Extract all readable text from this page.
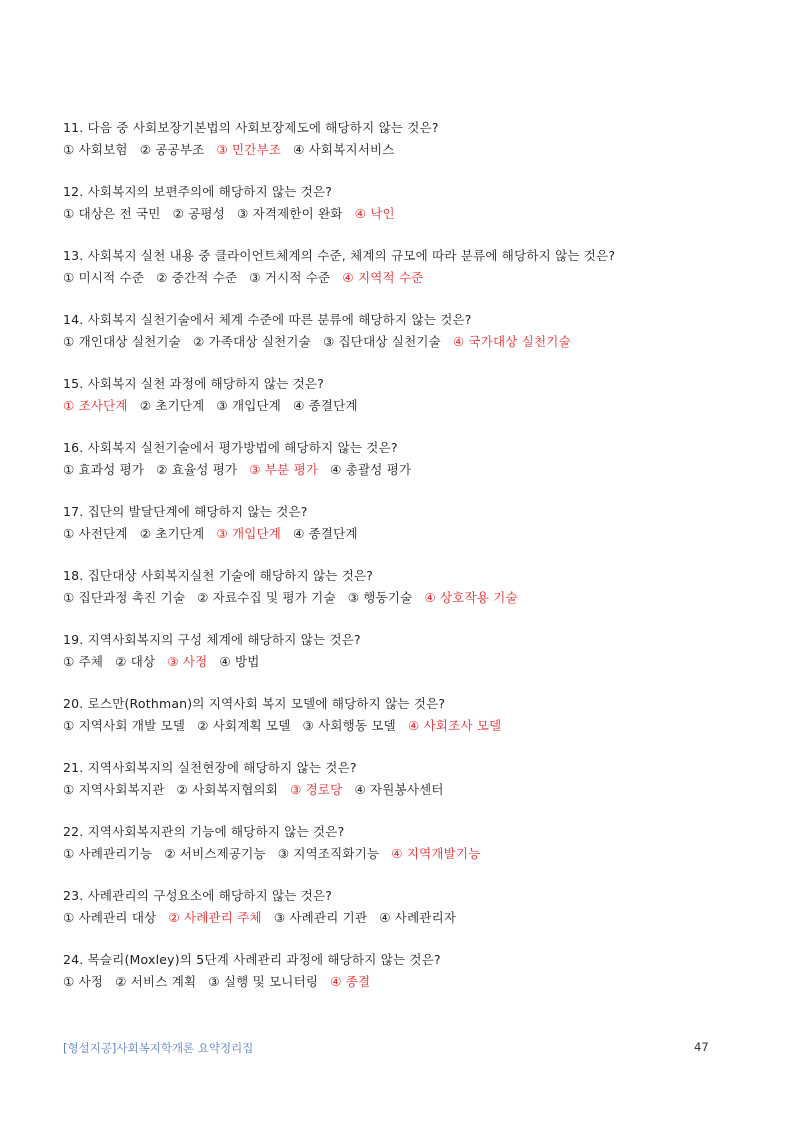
11. 다음 중 사회보장기본법의 사회보장제도에 해당하지 않는 것은?
① 사회보험 ② 공공부조 ③ 민간부조 ④ 사회복지서비스
12. 사회복지의 보편주의에 해당하지 않는 것은?
① 대상은 전 국민 ② 공평성 ③ 자격제한이 완화 ④ 낙인
13. 사회복지 실천 내용 중 클라이언트체계의 수준, 체계의 규모에 따라 분류에 해당하지 않는 것은?
① 미시적 수준 ② 중간적 수준 ③ 거시적 수준 ④ 지역적 수준
14. 사회복지 실천기술에서 체계 수준에 따른 분류에 해당하지 않는 것은?
① 개인대상 실천기술 ② 가족대상 실천기술 ③ 집단대상 실천기술 ④ 국가대상 실천기술
15. 사회복지 실천 과정에 해당하지 않는 것은?
① 조사단계 ② 초기단계 ③ 개입단계 ④ 종결단계
16. 사회복지 실천기술에서 평가방법에 해당하지 않는 것은?
① 효과성 평가 ② 효율성 평가 ③ 부분 평가 ④ 총괄성 평가
17. 집단의 발달단계에 해당하지 않는 것은?
① 사전단계 ② 초기단계 ③ 개입단계 ④ 종결단계
18. 집단대상 사회복지실천 기술에 해당하지 않는 것은?
① 집단과정 촉진 기술 ② 자료수집 및 평가 기술 ③ 행동기술 ④ 상호작용 기술
19. 지역사회복지의 구성 체계에 해당하지 않는 것은?
① 주체 ② 대상 ③ 사정 ④ 방법
20. 로스만(Rothman)의 지역사회 복지 모델에 해당하지 않는 것은?
① 지역사회 개발 모델 ② 사회계획 모델 ③ 사회행동 모델 ④ 사회조사 모델
21. 지역사회복지의 실천현장에 해당하지 않는 것은?
① 지역사회복지관 ② 사회복지협의회 ③ 경로당 ④ 자원봉사센터
22. 지역사회복지관의 기능에 해당하지 않는 것은?
① 사례관리기능 ② 서비스제공기능 ③ 지역조직화기능 ④ 지역개발기능
23. 사례관리의 구성요소에 해당하지 않는 것은?
① 사례관리 대상 ② 사례관리 주체 ③ 사례관리 기관 ④ 사례관리자
24. 목슬리(Moxley)의 5단계 사례관리 과정에 해당하지 않는 것은?
① 사정 ② 서비스 계획 ③ 실행 및 모니터링 ④ 종결
[형설지공]사회복지학개론 요약정리집	47
